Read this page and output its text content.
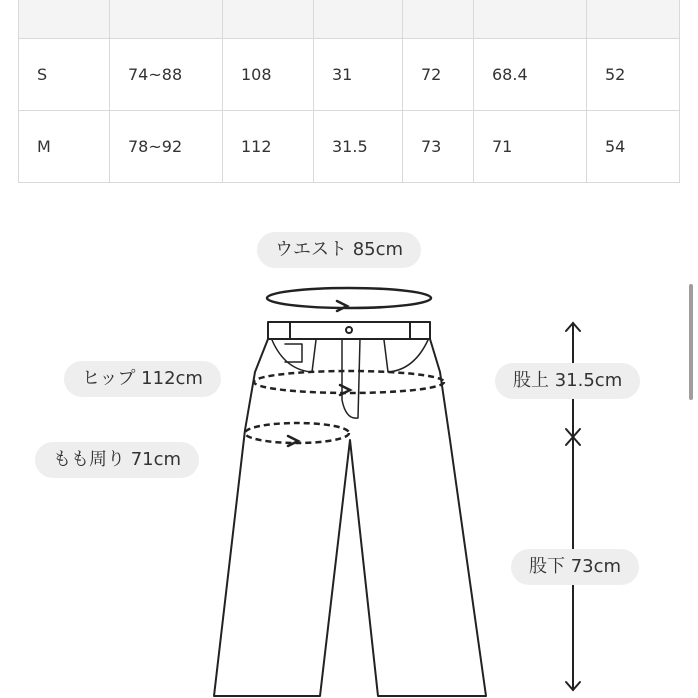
S	74~88	108	31	72	68.4	52
M	78~92	112	31.5	73	71	54
ウエスト 85cm
ヒップ 112cm
もも周り 71cm
股上 31.5cm
股下 73cm
